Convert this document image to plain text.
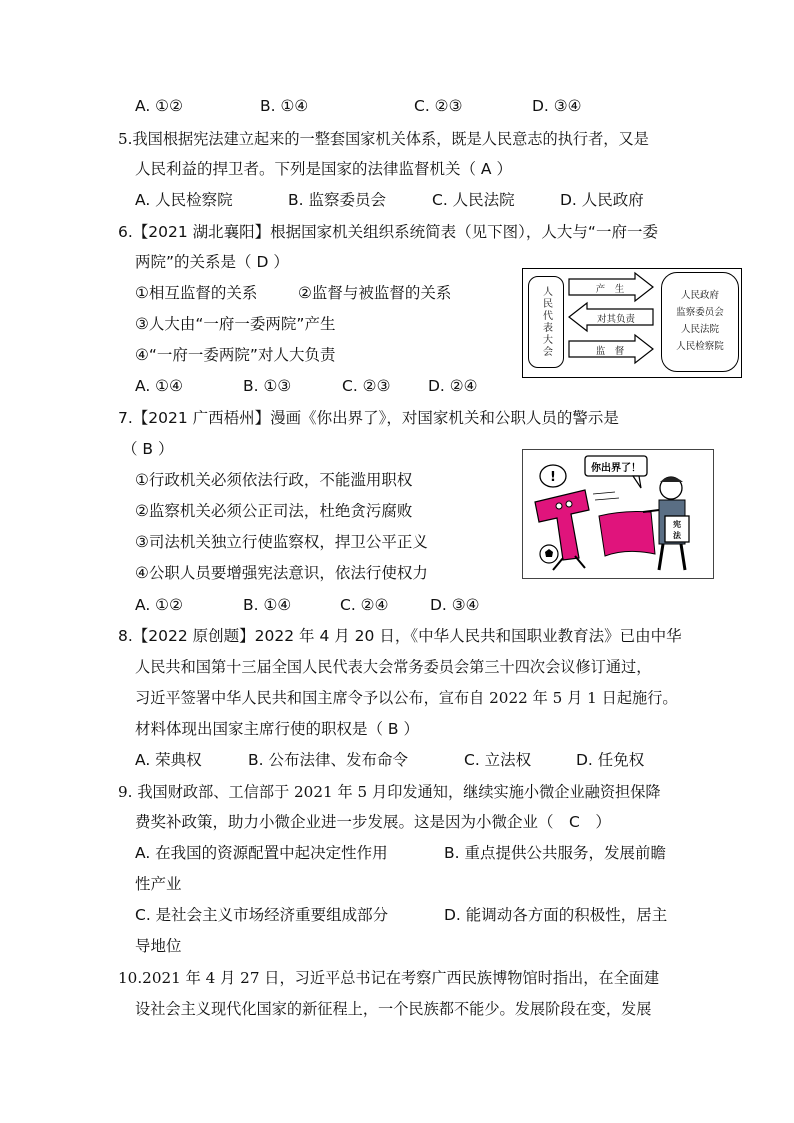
A. ①②	B. ①④	C. ②③	D. ③④
5.我国根据宪法建立起来的一整套国家机关体系，既是人民意志的执行者，又是
人民利益的捍卫者。下列是国家的法律监督机关（ A ）
A. 人民检察院	B. 监察委员会	C. 人民法院	D. 人民政府
6.【2021 湖北襄阳】根据国家机关组织系统简表（见下图），人大与“一府一委
两院”的关系是（ D ）
①相互监督的关系	②监督与被监督的关系
③人大由“一府一委两院”产生
④“一府一委两院”对人大负责
A. ①④	B. ①③	C. ②③ D. ②④
人民代表大会	产　生
对其负责
监　督
人民政府
监察委员会
人民法院
人民检察院
7.【2021 广西梧州】漫画《你出界了》，对国家机关和公职人员的警示是
（ B ）
①行政机关必须依法行政，不能滥用职权
②监察机关必须公正司法，杜绝贪污腐败
③司法机关独立行使监察权，捍卫公平正义
④公职人员要增强宪法意识，依法行使权力
A. ①②	B. ①④	C. ②④	D. ③④
你出界了！
!
宪
法
8.【2022 原创题】2022 年 4 月 20 日，《中华人民共和国职业教育法》已由中华
人民共和国第十三届全国人民代表大会常务委员会第三十四次会议修订通过，
习近平签署中华人民共和国主席令予以公布，宣布自 2022 年 5 月 1 日起施行。
材料体现出国家主席行使的职权是（ B ）
A. 荣典权	B. 公布法律、发布命令	C. 立法权	D. 任免权
9. 我国财政部、工信部于 2021 年 5 月印发通知，继续实施小微企业融资担保降
费奖补政策，助力小微企业进一步发展。这是因为小微企业（　C　）
A. 在我国的资源配置中起决定性作用	B. 重点提供公共服务，发展前瞻
性产业
C. 是社会主义市场经济重要组成部分	D. 能调动各方面的积极性，居主
导地位
10.2021 年 4 月 27 日，习近平总书记在考察广西民族博物馆时指出，在全面建
设社会主义现代化国家的新征程上，一个民族都不能少。发展阶段在变，发展
